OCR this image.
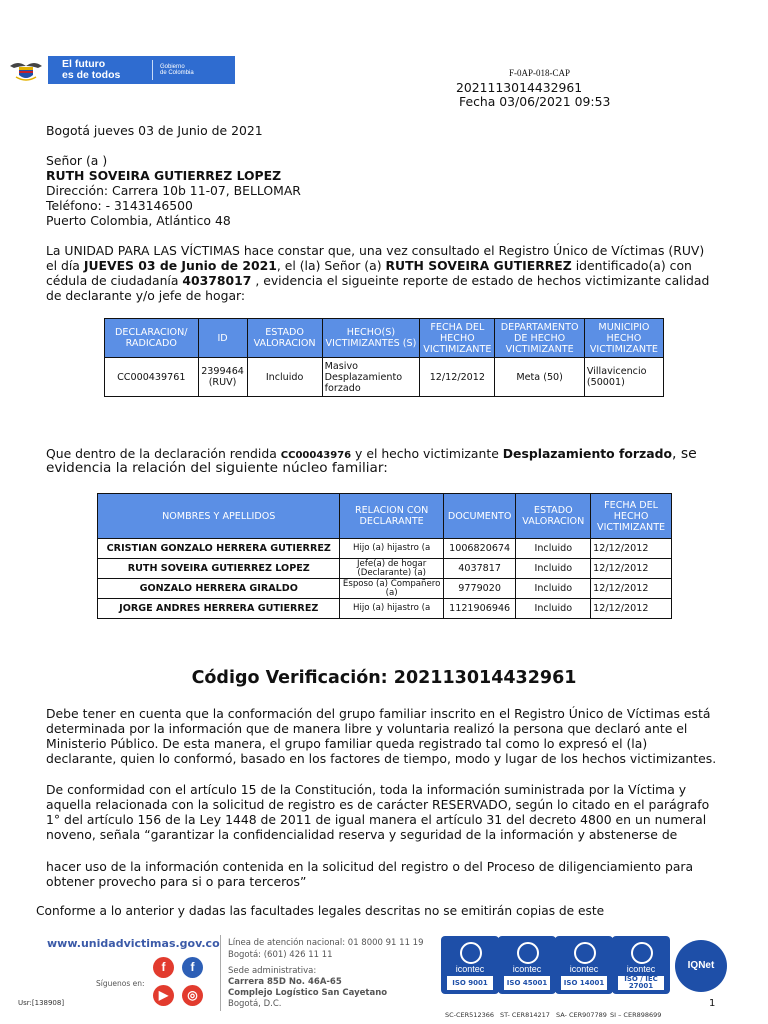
El futuro
es de todos
Gobierno
de Colombia	F-0AP-018-CAP
2021113014432961
Fecha 03/06/2021 09:53
Bogotá jueves 03 de Junio de 2021
Señor (a )
RUTH SOVEIRA GUTIERREZ LOPEZ
Dirección: Carrera 10b 11-07, BELLOMAR
Teléfono: - 3143146500
Puerto Colombia, Atlántico 48
La UNIDAD PARA LAS VÍCTIMAS hace constar que, una vez consultado el Registro Único de Víctimas (RUV)
el día JUEVES 03 de Junio de 2021, el (la) Señor (a) RUTH SOVEIRA GUTIERREZ identificado(a) con
cédula de ciudadanía 40378017 , evidencia el sigueinte reporte de estado de hechos victimizante calidad
de declarante y/o jefe de hogar:
DECLARACION/ RADICADO	ID	ESTADO VALORACION	HECHO(S) VICTIMIZANTES (S)	FECHA DEL HECHO VICTIMIZANTE	DEPARTAMENTO DE HECHO VICTIMIZANTE	MUNICIPIO HECHO VICTIMIZANTE
CC000439761	2399464 (RUV)	Incluido	Masivo Desplazamiento forzado	12/12/2012	Meta (50)	Villavicencio (50001)
Que dentro de la declaración rendida CC00043976 y el hecho victimizante Desplazamiento forzado, se
evidencia la relación del siguiente núcleo familiar:
NOMBRES Y APELLIDOS	RELACION CON DECLARANTE	DOCUMENTO	ESTADO VALORACION	FECHA DEL HECHO VICTIMIZANTE
CRISTIAN GONZALO HERRERA GUTIERREZ	Hijo (a) hijastro (a	1006820674	Incluido	12/12/2012
RUTH SOVEIRA GUTIERREZ LOPEZ	Jefe(a) de hogar (Declarante) (a)	4037817	Incluido	12/12/2012
GONZALO HERRERA GIRALDO	Esposo (a) Compañero (a)	9779020	Incluido	12/12/2012
JORGE ANDRES HERRERA GUTIERREZ	Hijo (a) hijastro (a	1121906946	Incluido	12/12/2012
Código Verificación: 202113014432961
Debe tener en cuenta que la conformación del grupo familiar inscrito en el Registro Único de Víctimas está
determinada por la información que de manera libre y voluntaria realizó la persona que declaró ante el
Ministerio Público. De esta manera, el grupo familiar queda registrado tal como lo expresó el (la)
declarante, quien lo conformó, basado en los factores de tiempo, modo y lugar de los hechos victimizantes.
De conformidad con el artículo 15 de la Constitución, toda la información suministrada por la Víctima y
aquella relacionada con la solicitud de registro es de carácter RESERVADO, según lo citado en el parágrafo
1° del artículo 156 de la Ley 1448 de 2011 de igual manera el artículo 31 del decreto 4800 en un numeral
noveno, señala “garantizar la confidencialidad reserva y seguridad de la información y abstenerse de
hacer uso de la información contenida en la solicitud del registro o del Proceso de diligenciamiento para
obtener provecho para si o para terceros”
Conforme a lo anterior y dadas las facultades legales descritas no se emitirán copias de este
www.unidadvictimas.gov.co
Síguenos en:
f	f
▶	◎
Usr:[138908]
Línea de atención nacional: 01 8000 91 11 19
Bogotá: (601) 426 11 11
Sede administrativa:
Carrera 85D No. 46A-65
Complejo Logístico San Cayetano
Bogotá, D.C.
icontec
ISO 9001
icontec
ISO 45001
icontec
ISO 14001
icontec
ISO / IEC 27001
IQNet
SC-CER512366 ST- CER814217 SA- CER907789 SI – CER898699
1
